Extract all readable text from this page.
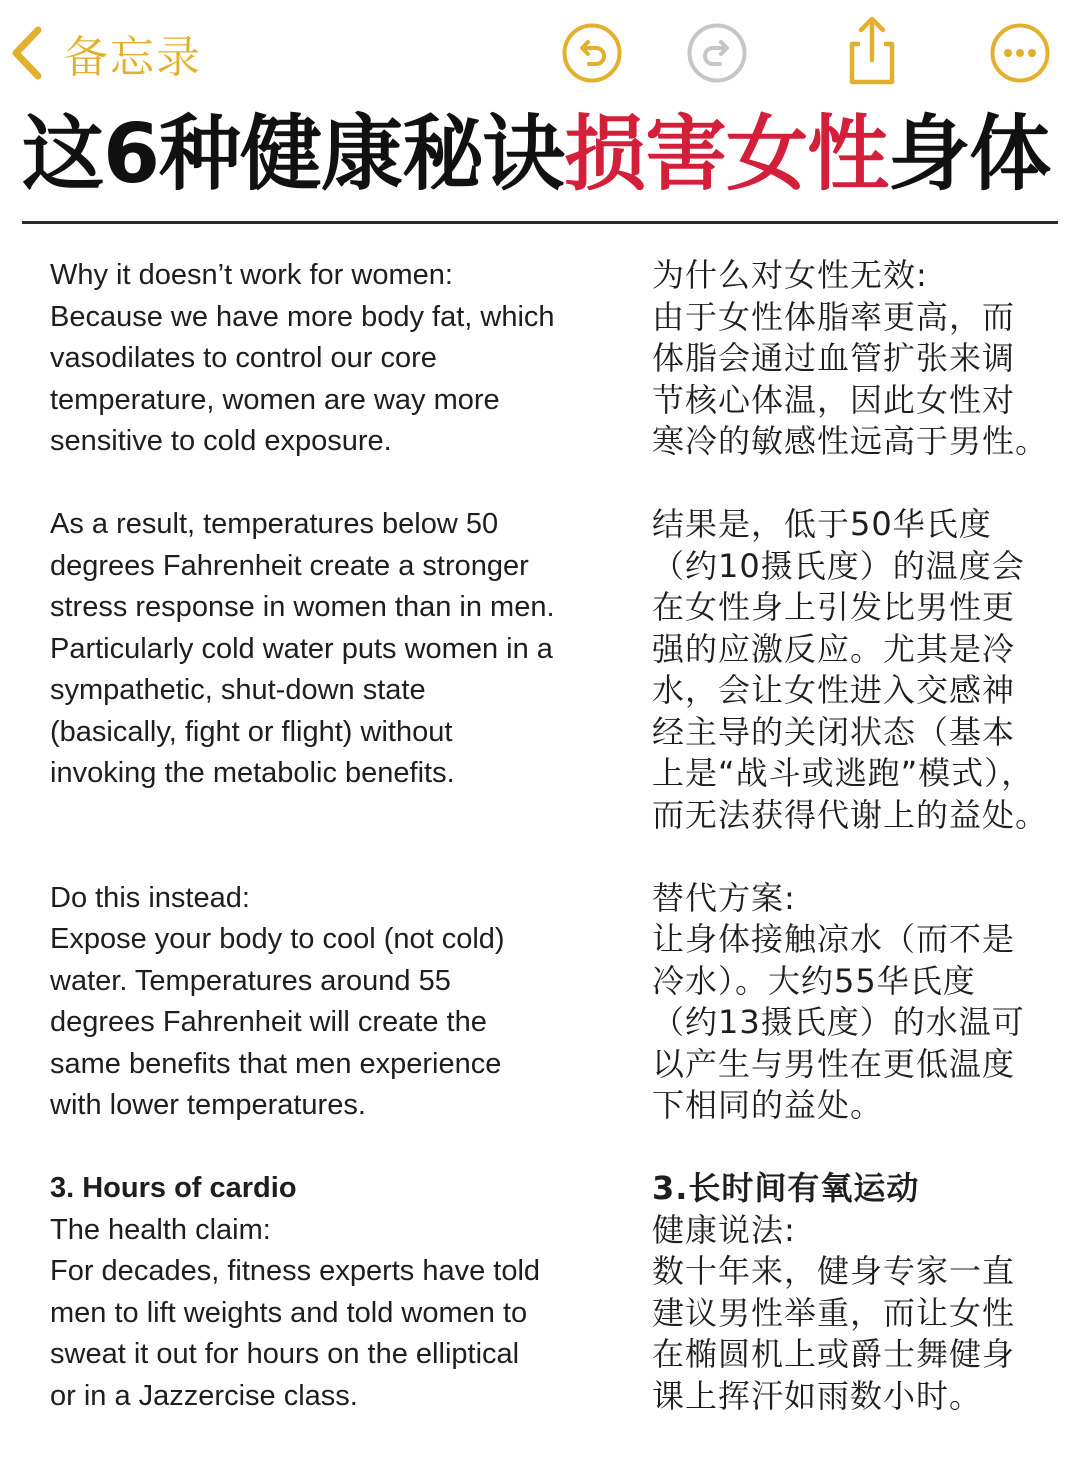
备忘录
这6种健康秘诀损害女性身体
Why it doesn’t work for women:
Because we have more body fat, which
vasodilates to control our core
temperature, women are way more
sensitive to cold exposure.
As a result, temperatures below 50
degrees Fahrenheit create a stronger
stress response in women than in men.
Particularly cold water puts women in a
sympathetic, shut-down state
(basically, fight or flight) without
invoking the metabolic benefits.
Do this instead:
Expose your body to cool (not cold)
water. Temperatures around 55
degrees Fahrenheit will create the
same benefits that men experience
with lower temperatures.
3. Hours of cardio
The health claim:
For decades, fitness experts have told
men to lift weights and told women to
sweat it out for hours on the elliptical
or in a Jazzercise class.
为什么对女性无效:
由于女性体脂率更高，而
体脂会通过血管扩张来调
节核心体温，因此女性对
寒冷的敏感性远高于男性。
结果是，低于50华氏度
（约10摄氏度）的温度会
在女性身上引发比男性更
强的应激反应。尤其是冷
水，会让女性进入交感神
经主导的关闭状态（基本
上是“战斗或逃跑”模式），
而无法获得代谢上的益处。
替代方案:
让身体接触凉水（而不是
冷水）。大约55华氏度
（约13摄氏度）的水温可
以产生与男性在更低温度
下相同的益处。
3.长时间有氧运动
健康说法:
数十年来，健身专家一直
建议男性举重，而让女性
在椭圆机上或爵士舞健身
课上挥汗如雨数小时。
